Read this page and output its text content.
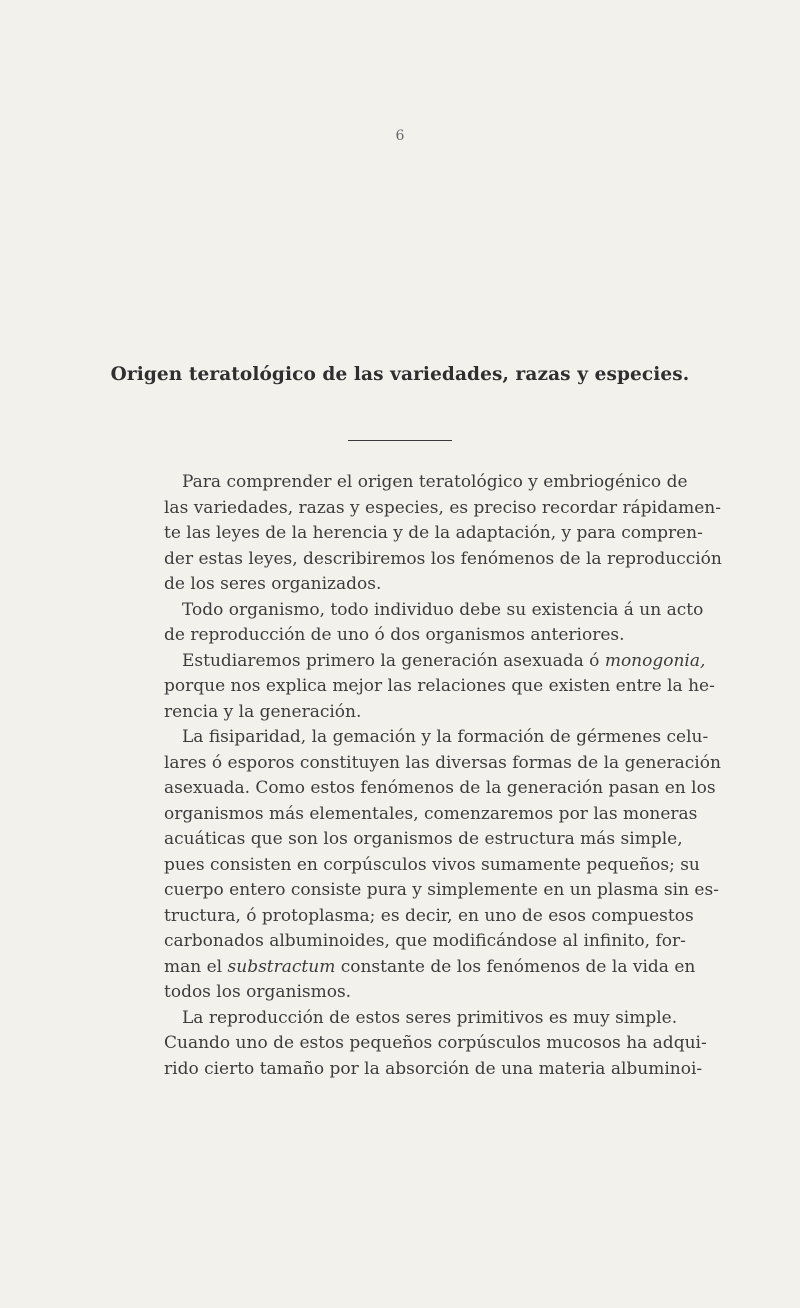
6
Origen teratológico de las variedades, razas y especies.
Para comprender el origen teratológico y embriogénico de
las variedades, razas y especies, es preciso recordar rápidamen-
te las leyes de la herencia y de la adaptación, y para compren-
der estas leyes, describiremos los fenómenos de la reproducción
de los seres organizados.
Todo organismo, todo individuo debe su existencia á un acto
de reproducción de uno ó dos organismos anteriores.
Estudiaremos primero la generación asexuada ó monogonia,
porque nos explica mejor las relaciones que existen entre la he-
rencia y la generación.
La fisiparidad, la gemación y la formación de gérmenes celu-
lares ó esporos constituyen las diversas formas de la generación
asexuada. Como estos fenómenos de la generación pasan en los
organismos más elementales, comenzaremos por las moneras
acuáticas que son los organismos de estructura más simple,
pues consisten en corpúsculos vivos sumamente pequeños; su
cuerpo entero consiste pura y simplemente en un plasma sin es-
tructura, ó protoplasma; es decir, en uno de esos compuestos
carbonados albuminoides, que modificándose al infinito, for-
man el substractum constante de los fenómenos de la vida en
todos los organismos.
La reproducción de estos seres primitivos es muy simple.
Cuando uno de estos pequeños corpúsculos mucosos ha adqui-
rido cierto tamaño por la absorción de una materia albuminoi-
